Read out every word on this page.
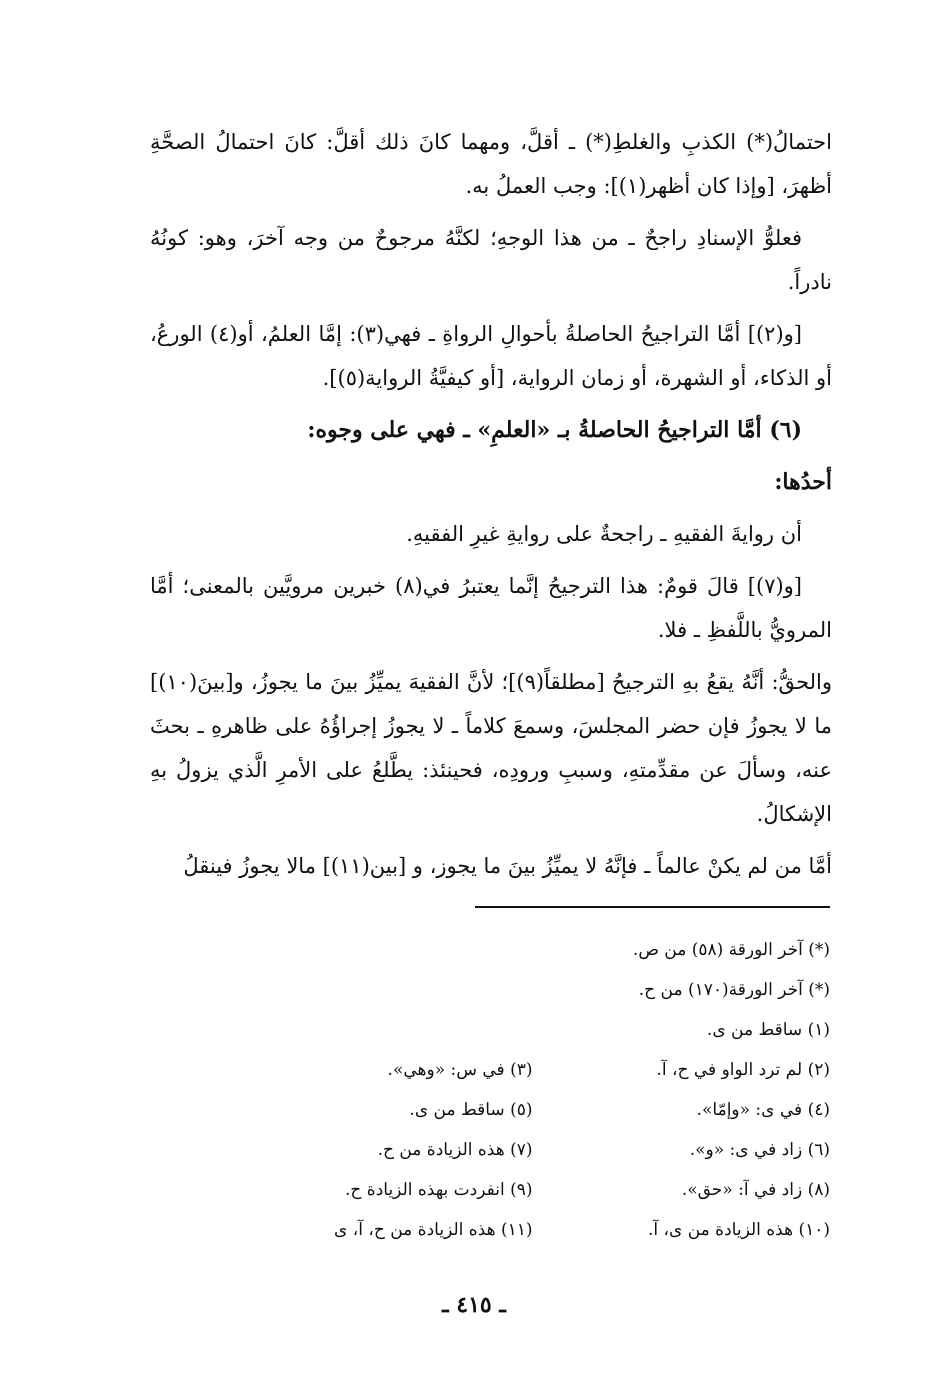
احتمالُ(*) الكذبِ والغلطِ(*) ـ أقلَّ، ومهما كانَ ذلك أقلَّ: كانَ احتمالُ الصحَّةِ أظهرَ، [وإذا كان أظهر(١)]: وجب العملُ به.

فعلوُّ الإسنادِ راجحٌ ـ من هذا الوجهِ؛ لكنَّهُ مرجوحٌ من وجه آخرَ، وهو: كونُهُ نادراً.

[و(٢)] أمَّا التراجيحُ الحاصلةُ بأحوالِ الرواةِ ـ فهي(٣): إمَّا العلمُ، أو(٤) الورعُ، أو الذكاء، أو الشهرة، أو زمان الرواية، [أو كيفيَّةُ الرواية(٥)].

(٦) أمَّا التراجيحُ الحاصلةُ بـ «العلمِ» ـ فهي على وجوه:

أحدُها:

أن روايةَ الفقيهِ ـ راجحةٌ على روايةِ غيرِ الفقيهِ.

[و(٧)] قالَ قومٌ: هذا الترجيحُ إنَّما يعتبرُ في(٨) خبرين مرويَّين بالمعنى؛ أمَّا المرويُّ باللَّفظِ ـ فلا.

والحقُّ: أنَّهُ يقعُ بهِ الترجيحُ [مطلقاً(٩)]؛ لأنَّ الفقيهَ يميِّزُ بينَ ما يجوزُ، و[بينَ(١٠)] ما لا يجوزُ فإن حضر المجلسَ، وسمعَ كلاماً ـ لا يجوزُ إجراؤُهُ على ظاهرهِ ـ بحثَ عنه، وسألَ عن مقدِّمتهِ، وسببِ ورودِه، فحينئذ: يطَّلعُ على الأمرِ الَّذي يزولُ بهِ الإشكالُ.

أمَّا من لم يكنْ عالماً ـ فإنَّهُ لا يميِّزُ بينَ ما يجوز، و [بين(١١)] مالا يجوزُ فينقلُ

(*) آخر الورقة (٥٨) من ص.
(*) آخر الورقة(١٧٠) من ح.
(١) ساقط من ى.
(٢) لم ترد الواو في ح، آ.
(٣) في س: «وهي».
(٤) في ى: «وإمّا».
(٥) ساقط من ى.
(٦) زاد في ى: «و».
(٧) هذه الزيادة من ح.
(٨) زاد في آ: «حق».
(٩) انفردت بهذه الزيادة ح.
(١٠) هذه الزيادة من ى، آ.
(١١) هذه الزيادة من ح، آ، ى
ـ ٤١٥ ـ
